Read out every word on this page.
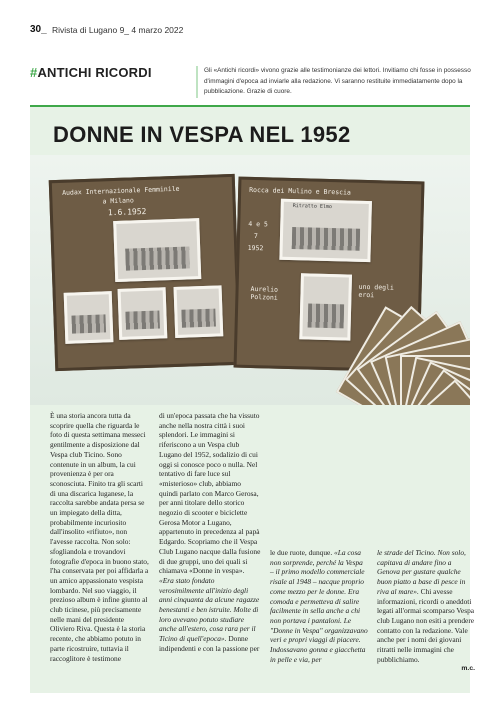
30_ Rivista di Lugano 9_ 4 marzo 2022
#ANTICHI RICORDI	Gli «Antichi ricordi» vivono grazie alle testimonianze dei lettori. Invitiamo chi fosse in possesso d'immagini d'epoca ad inviarle alla redazione. Vi saranno restituite immediatamente dopo la pubblicazione. Grazie di cuore.
DONNE IN VESPA NEL 1952
Audax Internazionale Femminile
a Milano
1.6.1952
Rocca dei Mulino e Brescia
4 e 5
7
1952
Ritratto Elmo
Aurelio Polzoni
uno degli eroi

È una storia ancora tutta da scoprire quella che riguarda le foto di questa settimana messeci gentilmente a disposizione dal Vespa club Ticino. Sono contenute in un album, la cui provenienza è per ora sconosciuta. Finito tra gli scarti di una discarica luganese, la raccolta sarebbe andata persa se un impiegato della ditta, probabilmente incuriosito dall'insolito «rifiuto», non l'avesse raccolta. Non solo: sfogliandola e trovandovi fotografie d'epoca in buono stato, l'ha conservata per poi affidarla a un amico appassionato vespista lombardo. Nel suo viaggio, il prezioso album è infine giunto al club ticinese, più precisamente nelle mani del presidente Oliviero Riva. Questa è la storia recente, che abbiamo potuto in parte ricostruire, tuttavia il raccoglitore è testimone

di un'epoca passata che ha vissuto anche nella nostra città i suoi splendori. Le immagini si riferiscono a un Vespa club Lugano del 1952, sodalizio di cui oggi si conosce poco o nulla. Nel tentativo di fare luce sul «misterioso» club, abbiamo quindi parlato con Marco Gerosa, per anni titolare dello storico negozio di scooter e biciclette Gerosa Motor a Lugano, appartenuto in precedenza al papà Edgardo. Scopriamo che il Vespa Club Lugano nacque dalla fusione di due gruppi, uno dei quali si chiamava «Donne in vespa». «Era stato fondato verosimilmente all'inizio degli anni cinquanta da alcune ragazze benestanti e ben istruite. Molte di loro avevano potuto studiare anche all'estero, cosa rara per il Ticino di quell'epoca». Donne indipendenti e con la passione per

le due ruote, dunque. «La cosa non sorprende, perché la Vespa – il primo modello commerciale risale al 1948 – nacque proprio come mezzo per le donne. Era comoda e permetteva di salire facilmente in sella anche a chi non portava i pantaloni. Le "Donne in Vespa" organizzavano veri e propri viaggi di piacere. Indossavano gonna e giacchetta in pelle e via, per

le strade del Ticino. Non solo, capitava di andare fino a Genova per gustare qualche buon piatto a base di pesce in riva al mare». Chi avesse informazioni, ricordi o aneddoti legati all'ormai scomparso Vespa club Lugano non esiti a prendere contatto con la redazione. Vale anche per i nomi dei giovani ritratti nelle immagini che pubblichiamo.

m.c.
